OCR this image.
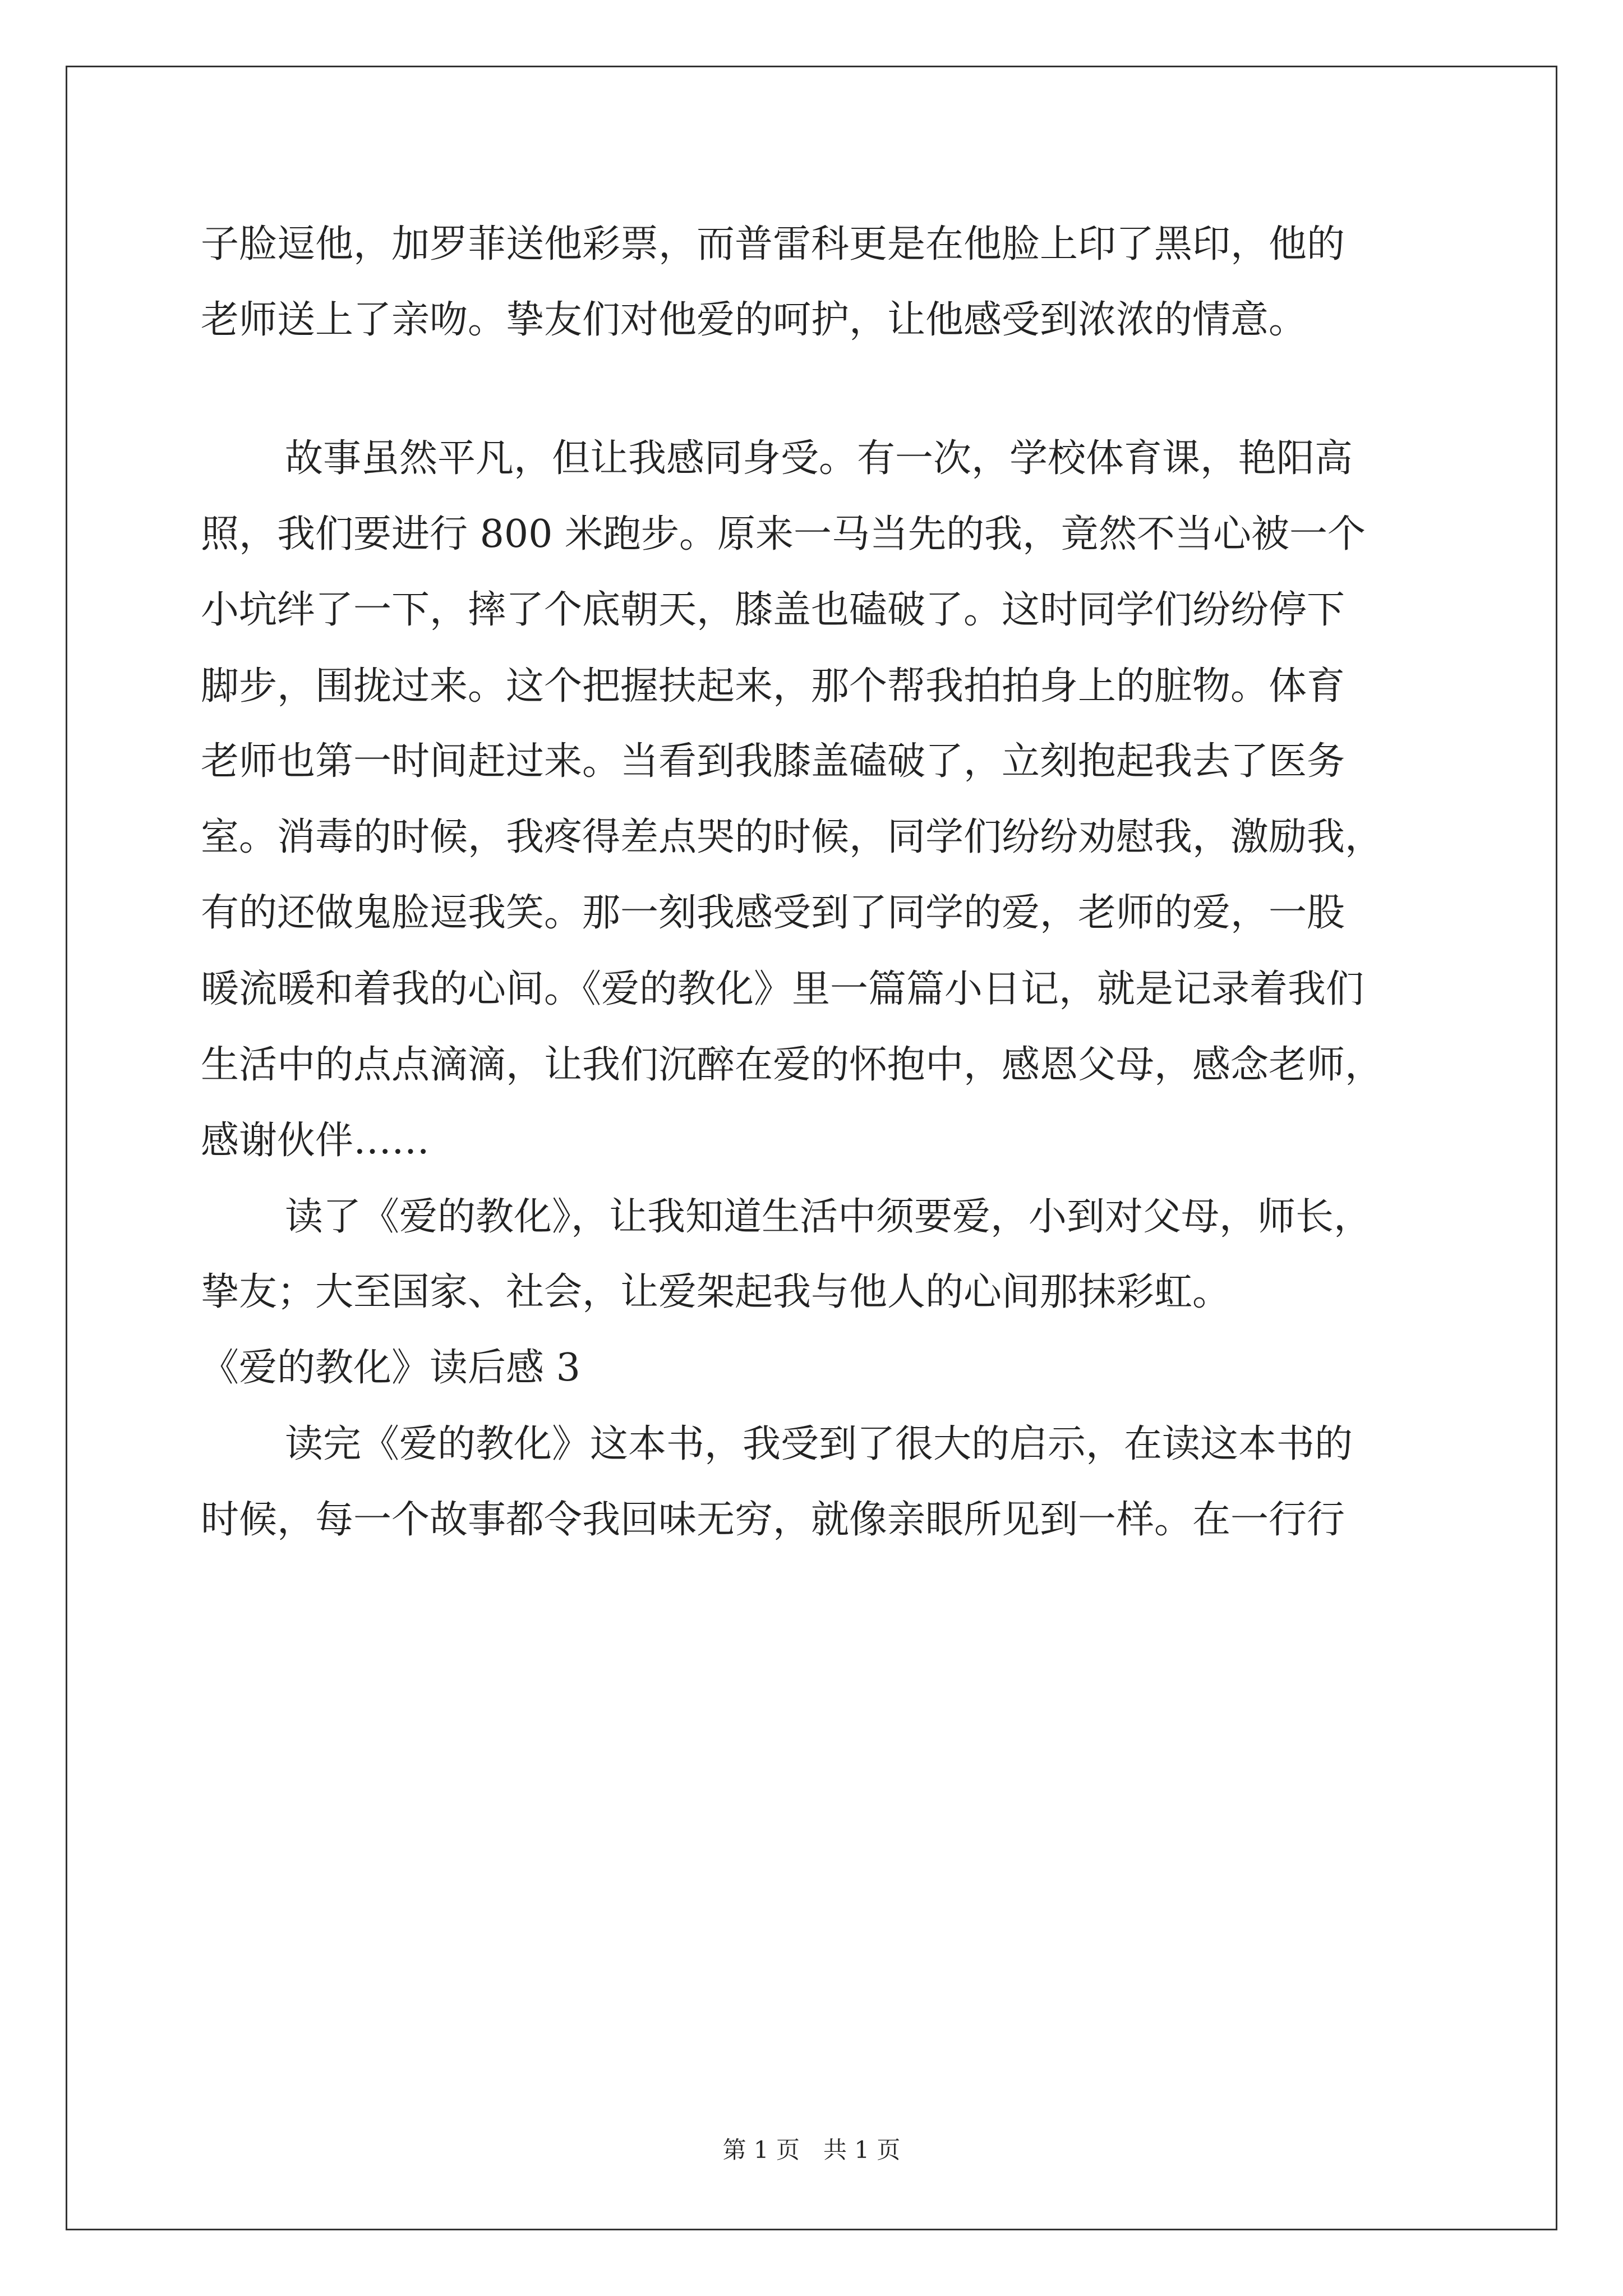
子脸逗他，加罗菲送他彩票，而普雷科更是在他脸上印了黑印，他的
老师送上了亲吻。挚友们对他爱的呵护，让他感受到浓浓的情意。
故事虽然平凡，但让我感同身受。有一次，学校体育课，艳阳高
照，我们要进行 800 米跑步。原来一马当先的我，竟然不当心被一个
小坑绊了一下，摔了个底朝天，膝盖也磕破了。这时同学们纷纷停下
脚步，围拢过来。这个把握扶起来，那个帮我拍拍身上的脏物。体育
老师也第一时间赶过来。当看到我膝盖磕破了，立刻抱起我去了医务
室。消毒的时候，我疼得差点哭的时候，同学们纷纷劝慰我，激励我，
有的还做鬼脸逗我笑。那一刻我感受到了同学的爱，老师的爱，一股
暖流暖和着我的心间。《爱的教化》里一篇篇小日记，就是记录着我们
生活中的点点滴滴，让我们沉醉在爱的怀抱中，感恩父母，感念老师，
感谢伙伴……
读了《爱的教化》，让我知道生活中须要爱，小到对父母，师长，
挚友；大至国家、社会，让爱架起我与他人的心间那抹彩虹。
《爱的教化》读后感 3
读完《爱的教化》这本书，我受到了很大的启示，在读这本书的
时候，每一个故事都令我回味无穷，就像亲眼所见到一样。在一行行
第 1 页　共 1 页
